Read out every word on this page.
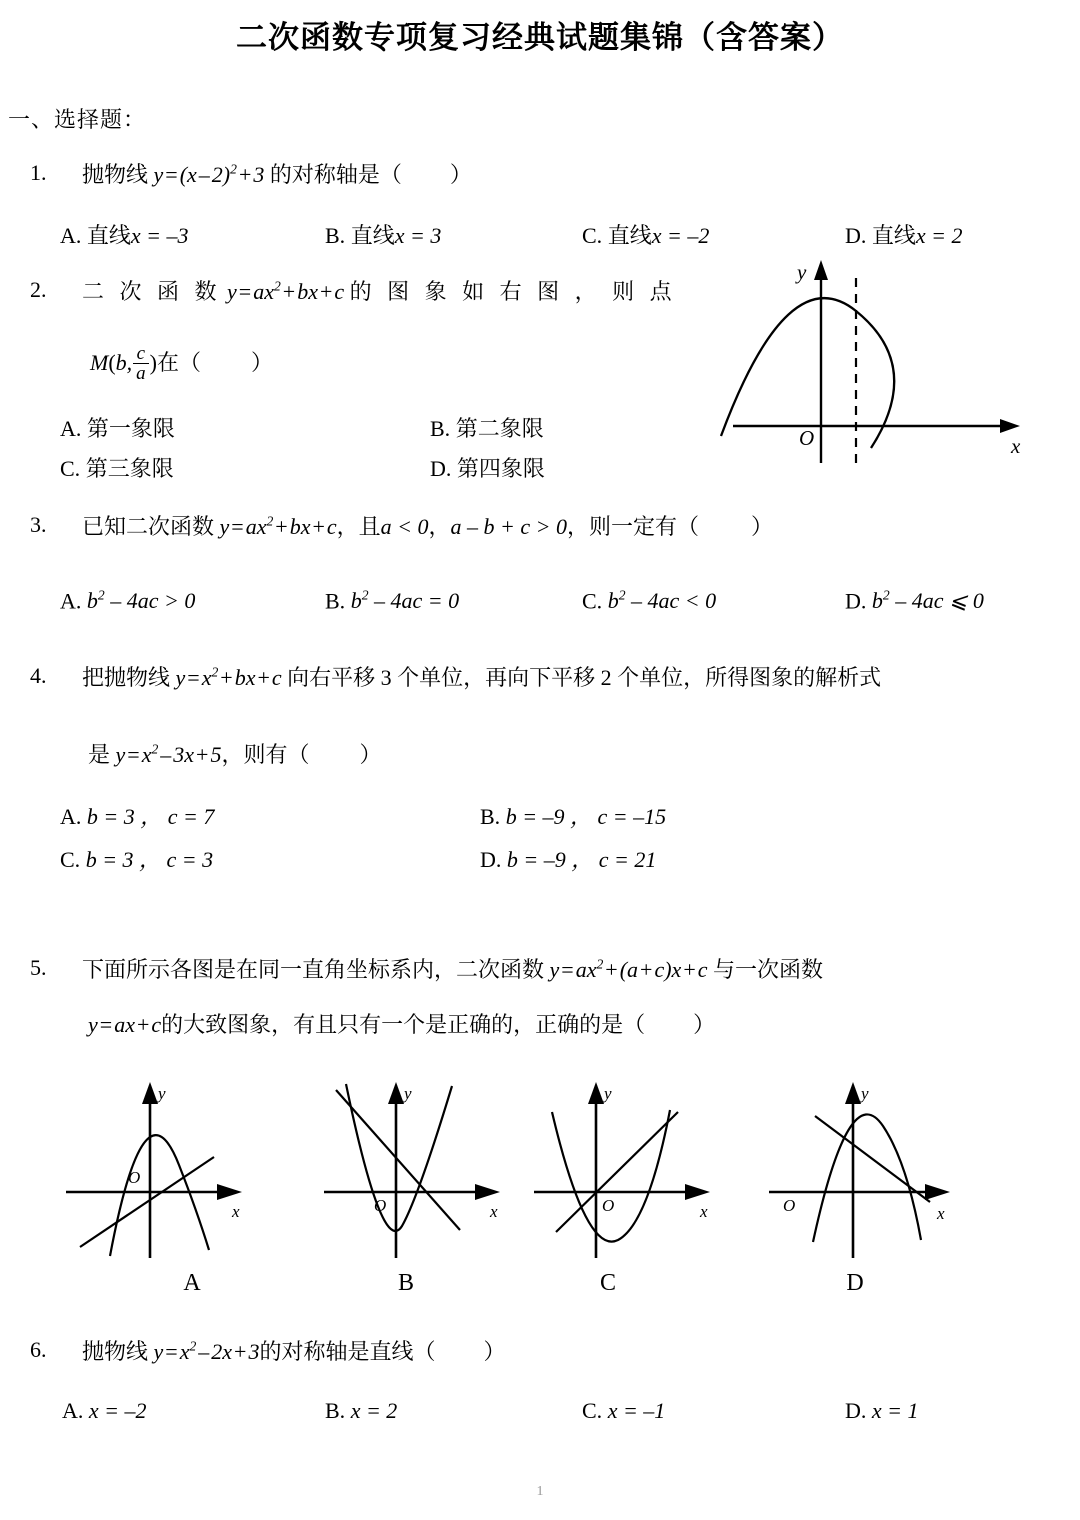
二次函数专项复习经典试题集锦（含答案）
一、选择题：
1. 抛物线 $y=(x-2)^2+3$ 的对称轴是（ ）
A. 直线x = –3	B. 直线x = 3	C. 直线x = –2	D. 直线x = 2
2. 二 次 函 数 $y=ax^2+bx+c$ 的 图 象 如 右 图 ， 则 点
M(b, $\frac{c}{a}$ )在（ ）
A. 第一象限	B. 第二象限
C. 第三象限	D. 第四象限
y
x
O
3. 已知二次函数 $y=ax^2+bx+c$，且a < 0，a – b + c > 0，则一定有（ ）
A. $b^2 - 4ac > 0$	B. $b^2 - 4ac = 0$	C. $b^2 - 4ac < 0$	D. $b^2 - 4ac$ ⩽ 0
4. 把抛物线 $y=x^2+bx+c$ 向右平移 3 个单位，再向下平移 2 个单位，所得图象的解析式
是 $y=x^2-3x+5$，则有（ ）
A. b = 3 ， c = 7	B. b = –9 ， c = –15
C. b = 3 ， c = 3	D. b = –9 ， c = 21
5. 下面所示各图是在同一直角坐标系内，二次函数 $y=ax^2+(a+c)x+c$ 与一次函数
y=ax+c的大致图象，有且只有一个是正确的，正确的是（ ）
y
x
O
A
y
x
O
B
y
x
O
C
y
x
O
D
6. 抛物线 $y=x^2-2x+3$的对称轴是直线（ ）
A. x = –2	B. x = 2	C. x = –1	D. x = 1
1
